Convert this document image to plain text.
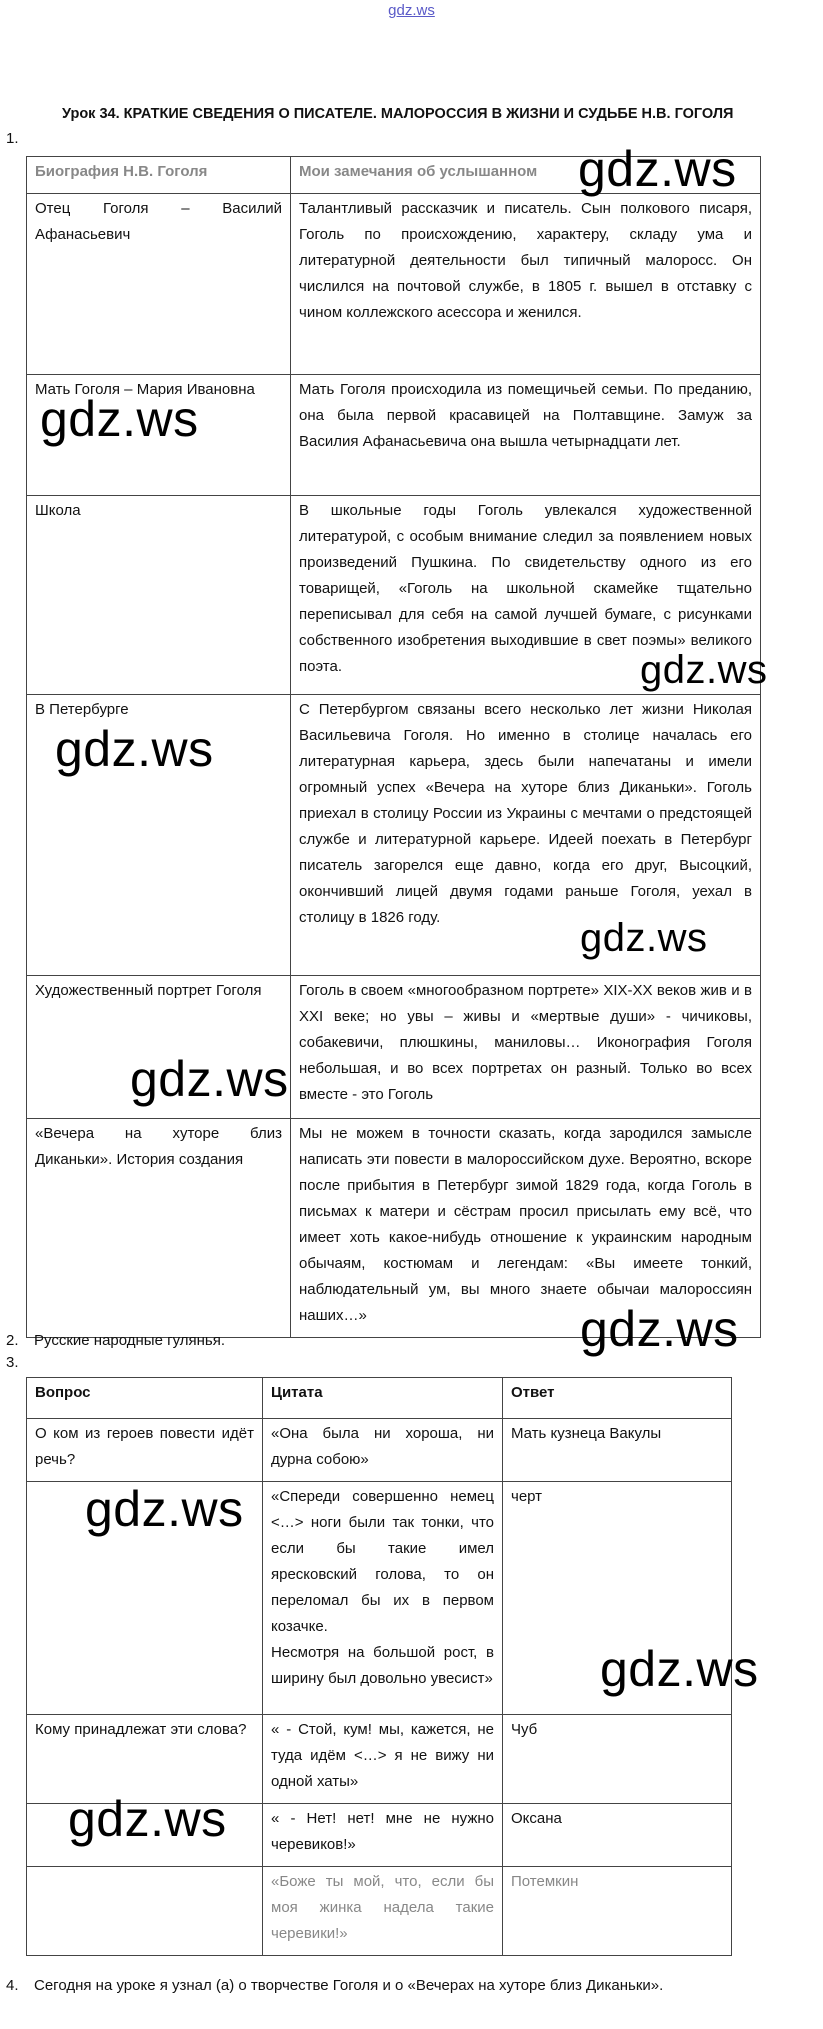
gdz.ws
Урок 34. КРАТКИЕ СВЕДЕНИЯ О ПИСАТЕЛЕ. МАЛОРОССИЯ В ЖИЗНИ И СУДЬБЕ Н.В. ГОГОЛЯ
1.
Биография Н.В. Гоголя	Мои замечания об услышанном
Отец Гоголя – Василий Афанасьевич	Талантливый рассказчик и писатель. Сын полкового писаря, Гоголь по происхождению, характеру, складу ума и литературной деятельности был типичный малоросс. Он числился на почтовой службе, в 1805 г. вышел в отставку с чином коллежского асессора и женился.
Мать Гоголя – Мария Ивановна	Мать Гоголя происходила из помещичьей семьи. По преданию, она была первой красавицей на Полтавщине. Замуж за Василия Афанасьевича она вышла четырнадцати лет.
Школа	В школьные годы Гоголь увлекался художественной литературой, с особым внимание следил за появлением новых произведений Пушкина. По свидетельству одного из его товарищей, «Гоголь на школьной скамейке тщательно переписывал для себя на самой лучшей бумаге, с рисунками собственного изобретения выходившие в свет поэмы» великого поэта.
В Петербурге	С Петербургом связаны всего несколько лет жизни Николая Васильевича Гоголя. Но именно в столице началась его литературная карьера, здесь были напечатаны и имели огромный успех «Вечера на хуторе близ Диканьки». Гоголь приехал в столицу России из Украины с мечтами о предстоящей службе и литературной карьере. Идеей поехать в Петербург писатель загорелся еще давно, когда его друг, Высоцкий, окончивший лицей двумя годами раньше Гоголя, уехал в столицу в 1826 году.
Художественный портрет Гоголя	Гоголь в своем «многообразном портрете» XIX-XX веков жив и в XXI веке; но увы – живы и «мертвые души» - чичиковы, собакевичи, плюшкины, маниловы… Иконография Гоголя небольшая, и во всех портретах он разный. Только во всех вместе - это Гоголь
«Вечера на хуторе близ Диканьки». История создания	Мы не можем в точности сказать, когда зародился замысле написать эти повести в малороссийском духе. Вероятно, вскоре после прибытия в Петербург зимой 1829 года, когда Гоголь в письмах к матери и сёстрам просил присылать ему всё, что имеет хоть какое-нибудь отношение к украинским народным обычаям, костюмам и легендам: «Вы имеете тонкий, наблюдательный ум, вы много знаете обычаи малороссиян наших…»
2. Русские народные гулянья.
3.
Вопрос	Цитата	Ответ
О ком из героев повести идёт речь?	«Она была ни хороша, ни дурна собою»	Мать кузнеца Вакулы
	«Спереди совершенно немец <…> ноги были так тонки, что если бы такие имел яресковский голова, то он переломал бы их в первом козачке.
Несмотря на большой рост, в ширину был довольно увесист»	черт
Кому принадлежат эти слова?	« - Стой, кум! мы, кажется, не туда идём <…> я не вижу ни одной хаты»	Чуб
	« - Нет! нет! мне не нужно черевиков!»	Оксана
	«Боже ты мой, что, если бы моя жинка надела такие черевики!»	Потемкин
4. Сегодня на уроке я узнал (а) о творчестве Гоголя и о «Вечерах на хуторе близ Диканьки».
gdz.ws
gdz.ws
gdz.ws
gdz.ws
gdz.ws
gdz.ws
gdz.ws
gdz.ws
gdz.ws
gdz.ws
